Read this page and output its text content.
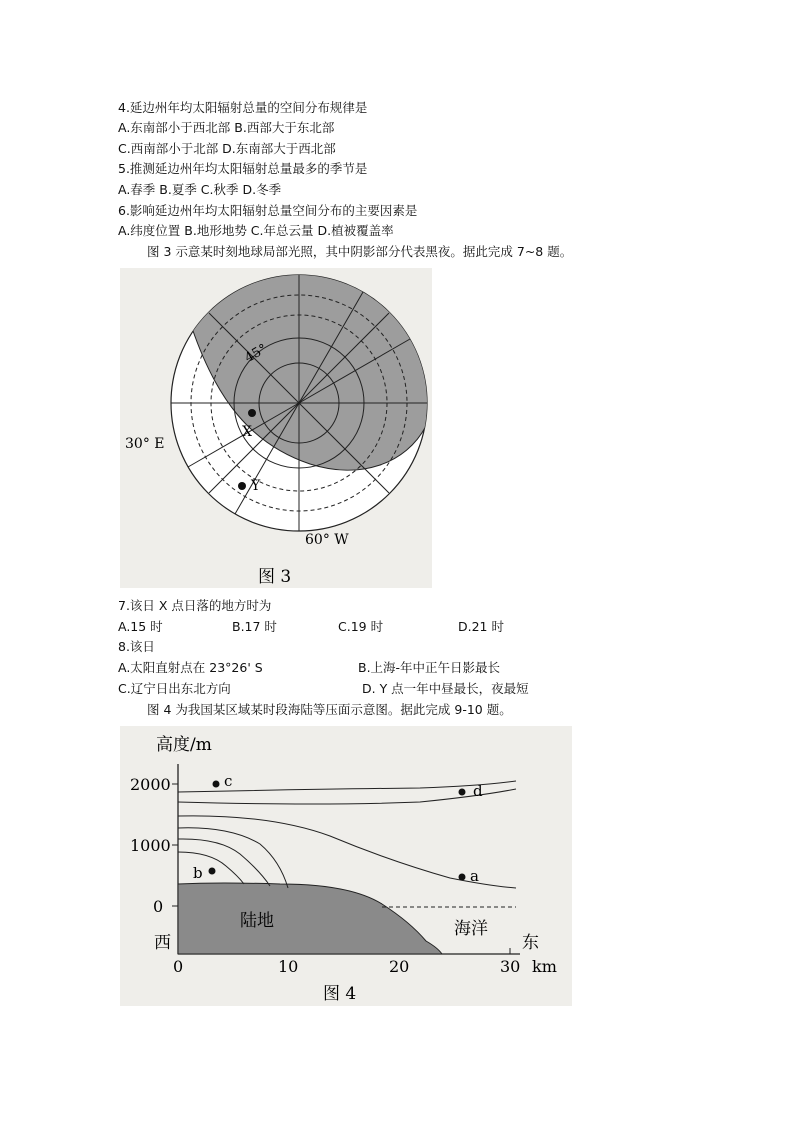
4.延边州年均太阳辐射总量的空间分布规律是
A.东南部小于西北部 B.西部大于东北部
C.西南部小于北部 D.东南部大于西北部
5.推测延边州年均太阳辐射总量最多的季节是
A.春季 B.夏季 C.秋季 D.冬季
6.影响延边州年均太阳辐射总量空间分布的主要因素是
A.纬度位置 B.地形地势 C.年总云量 D.植被覆盖率
图 3 示意某时刻地球局部光照，其中阴影部分代表黑夜。据此完成 7~8 题。
X
Y
45°
30° E
60° W
图 3
7.该日 X 点日落的地方时为
A.15 时	B.17 时	C.19 时	D.21 时
8.该日
A.太阳直射点在 23°26' S	B.上海-年中正午日影最长
C.辽宁日出东北方向	D. Y 点一年中昼最长，夜最短
图 4 为我国某区域某时段海陆等压面示意图。据此完成 9-10 题。
a
b
c
d
高度/m
2000
1000
0
西	东
陆地	海洋
0	10	20	30 km
图 4
